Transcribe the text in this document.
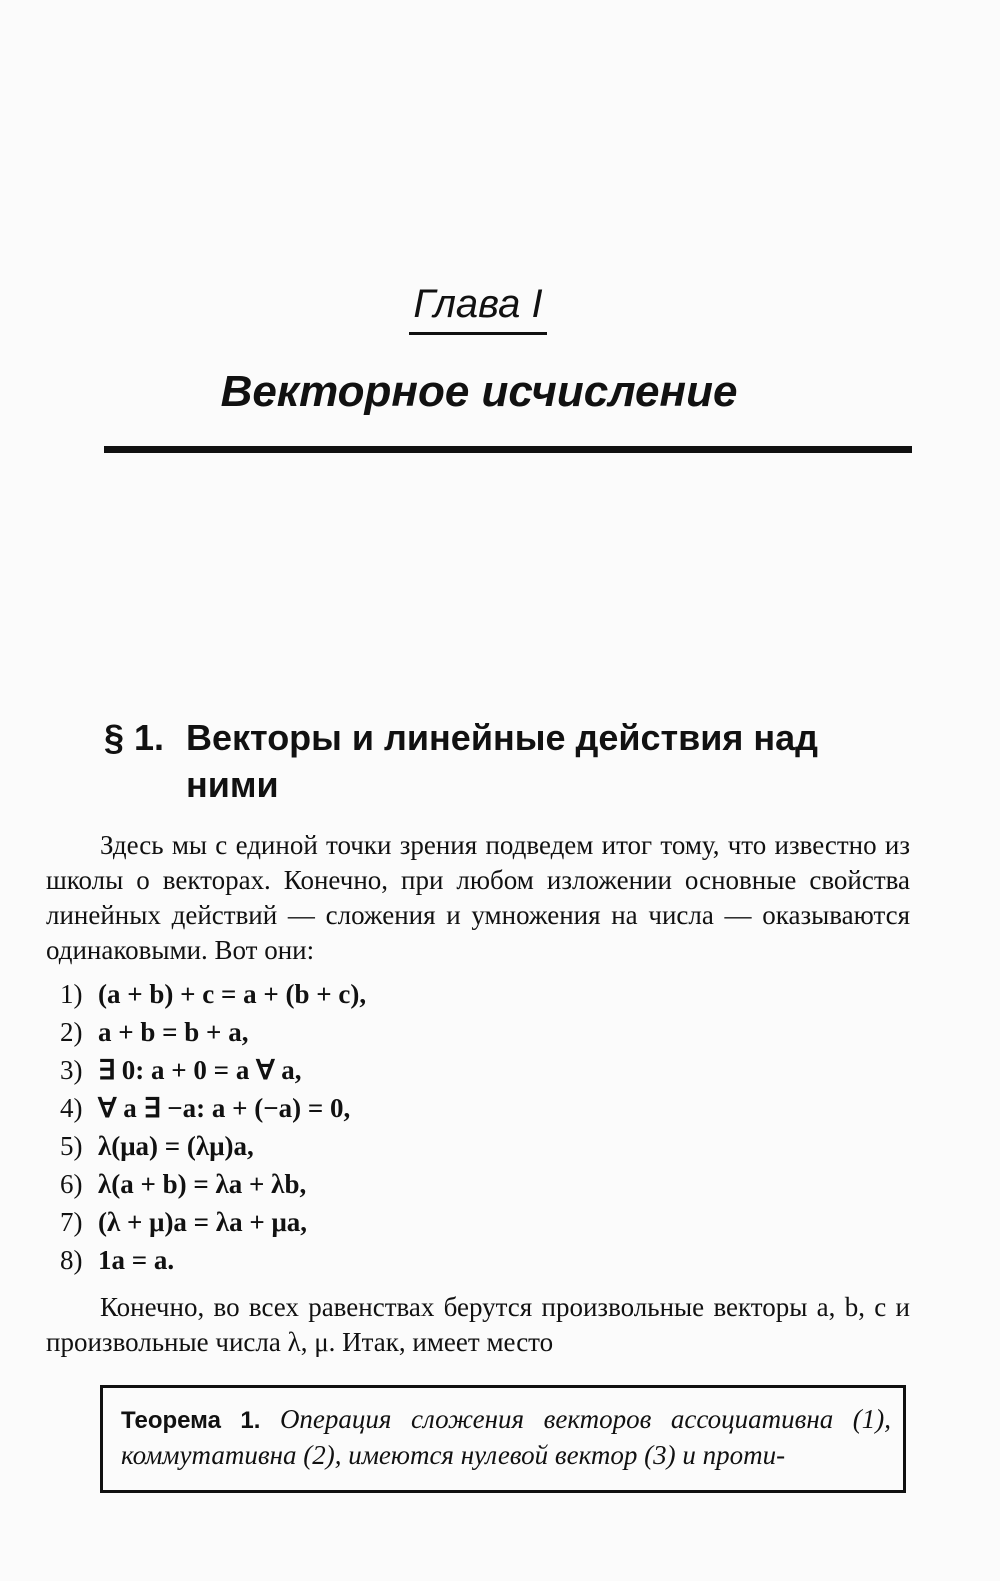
Глава I
Векторное исчисление
§ 1. Векторы и линейные действия над ними

Здесь мы с единой точки зрения подведем итог тому, что известно из школы о векторах. Конечно, при любом изложении основные свойства линейных действий — сложения и умножения на числа — оказываются одинаковыми. Вот они:

1) (a + b) + c = a + (b + c),
2) a + b = b + a,
3) ∃ 0: a + 0 = a ∀ a,
4) ∀ a ∃ −a: a + (−a) = 0,
5) λ(μa) = (λμ)a,
6) λ(a + b) = λa + λb,
7) (λ + μ)a = λa + μa,
8) 1a = a.

Конечно, во всех равенствах берутся произвольные векторы a, b, c и произвольные числа λ, μ. Итак, имеет место

Теорема 1. Операция сложения векторов ассоциативна (1), коммутативна (2), имеются нулевой вектор (3) и проти-
